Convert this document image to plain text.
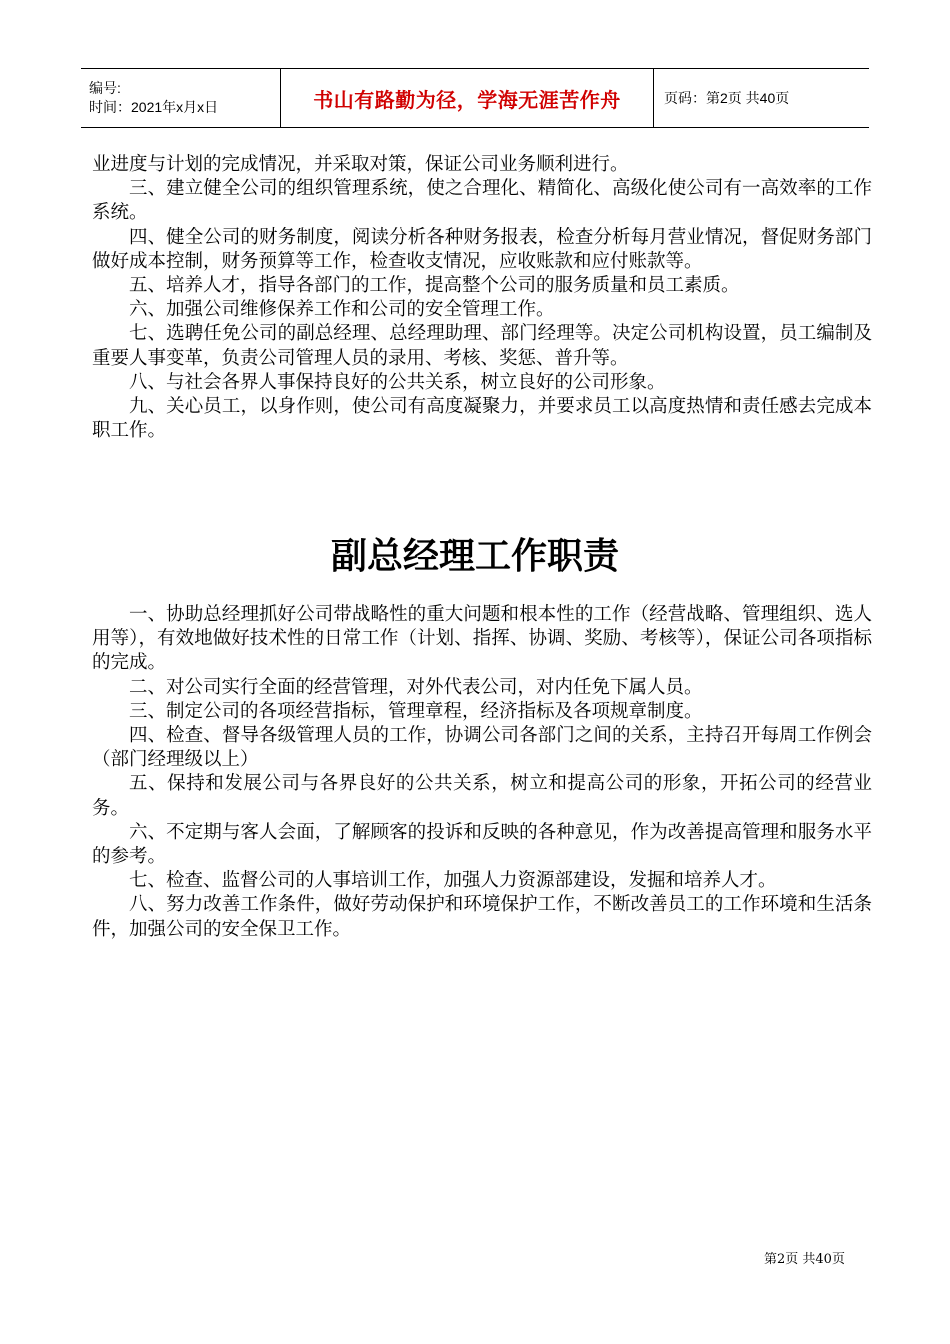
编号:
时间：2021年x月x日	书山有路勤为径，学海无涯苦作舟	页码：第2页 共40页

业进度与计划的完成情况，并采取对策，保证公司业务顺利进行。

三、建立健全公司的组织管理系统，使之合理化、精简化、高级化使公司有一高效率的工作系统。

四、健全公司的财务制度，阅读分析各种财务报表，检查分析每月营业情况，督促财务部门做好成本控制，财务预算等工作，检查收支情况，应收账款和应付账款等。

五、培养人才，指导各部门的工作，提高整个公司的服务质量和员工素质。

六、加强公司维修保养工作和公司的安全管理工作。

七、选聘任免公司的副总经理、总经理助理、部门经理等。决定公司机构设置，员工编制及重要人事变革，负责公司管理人员的录用、考核、奖惩、普升等。

八、与社会各界人事保持良好的公共关系，树立良好的公司形象。

九、关心员工，以身作则，使公司有高度凝聚力，并要求员工以高度热情和责任感去完成本职工作。

副总经理工作职责

一、协助总经理抓好公司带战略性的重大问题和根本性的工作（经营战略、管理组织、选人用等），有效地做好技术性的日常工作（计划、指挥、协调、奖励、考核等），保证公司各项指标的完成。

二、对公司实行全面的经营管理，对外代表公司，对内任免下属人员。

三、制定公司的各项经营指标，管理章程，经济指标及各项规章制度。

四、检查、督导各级管理人员的工作，协调公司各部门之间的关系，主持召开每周工作例会（部门经理级以上）

五、保持和发展公司与各界良好的公共关系，树立和提高公司的形象，开拓公司的经营业务。

六、不定期与客人会面，了解顾客的投诉和反映的各种意见，作为改善提高管理和服务水平的参考。

七、检查、监督公司的人事培训工作，加强人力资源部建设，发掘和培养人才。

八、努力改善工作条件，做好劳动保护和环境保护工作，不断改善员工的工作环境和生活条件，加强公司的安全保卫工作。

第2页 共40页
